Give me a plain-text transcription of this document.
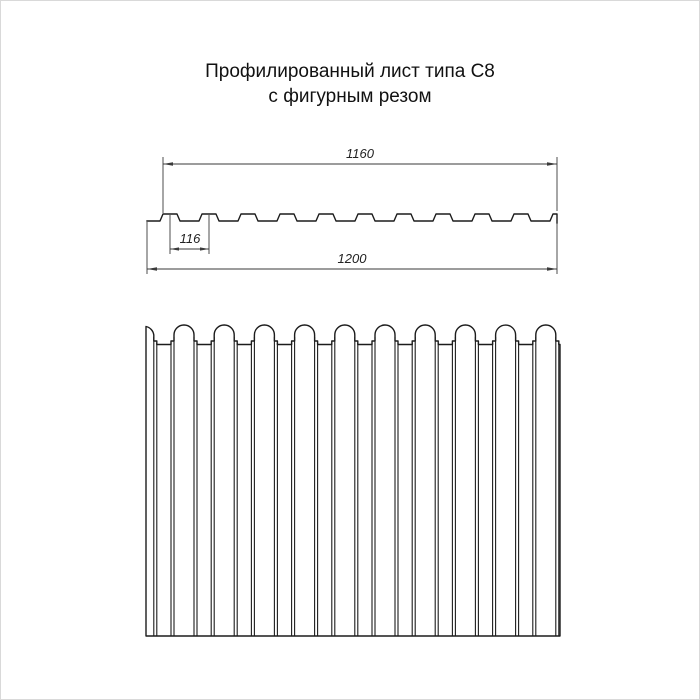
Профилированный лист типа С8
с фигурным резом
1160
116
1200
